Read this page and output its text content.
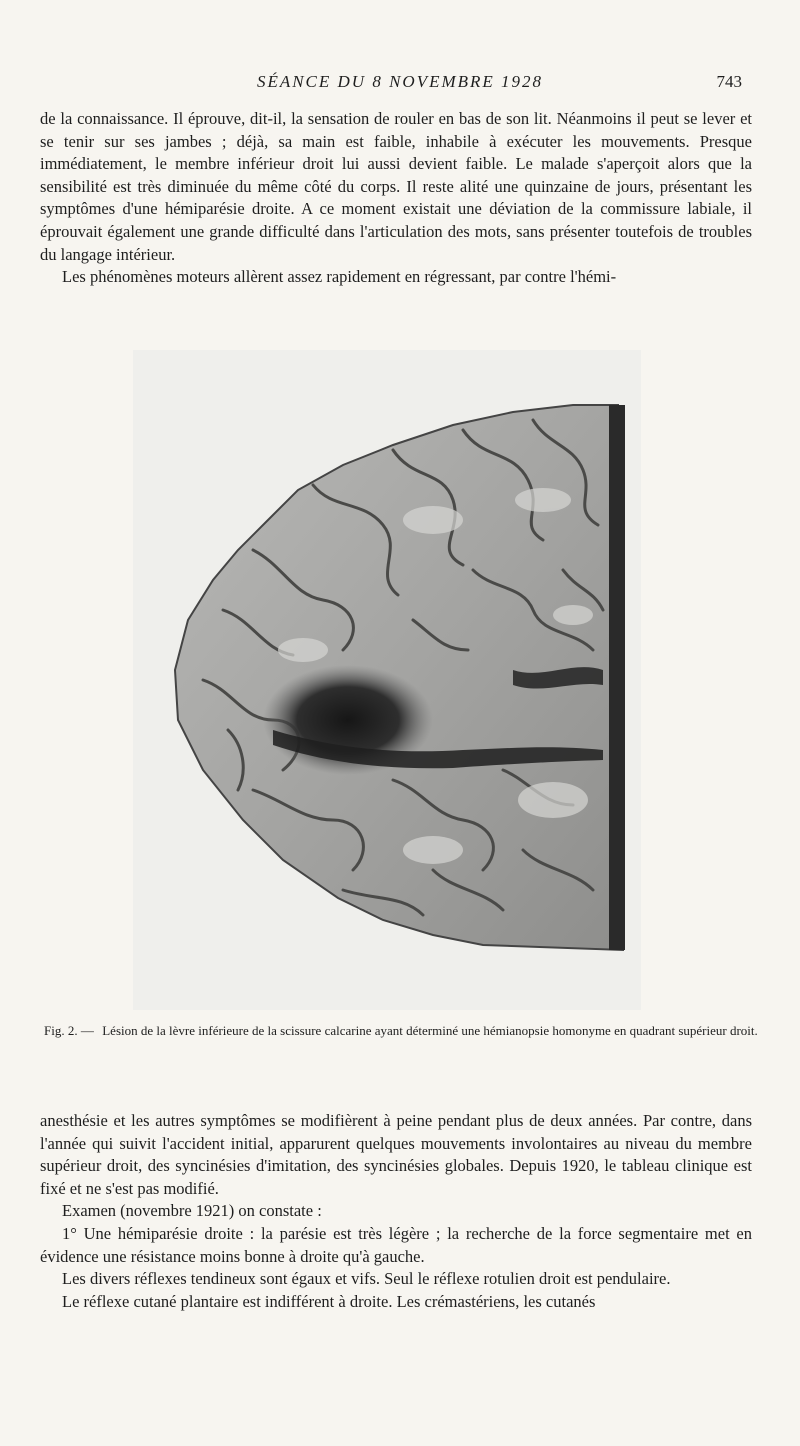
SÉANCE DU 8 NOVEMBRE 1928	743

de la connaissance. Il éprouve, dit-il, la sensation de rouler en bas de son lit. Néanmoins il peut se lever et se tenir sur ses jambes ; déjà, sa main est faible, inhabile à exécuter les mouvements. Presque immédiatement, le membre inférieur droit lui aussi devient faible. Le malade s'aperçoit alors que la sensibilité est très diminuée du même côté du corps. Il reste alité une quinzaine de jours, présentant les symptômes d'une hémiparésie droite. A ce moment existait une déviation de la commissure labiale, il éprouvait également une grande difficulté dans l'articulation des mots, sans présenter toutefois de troubles du langage intérieur.

Les phénomènes moteurs allèrent assez rapidement en régressant, par contre l'hémi-

Fig. 2. — Lésion de la lèvre inférieure de la scissure calcarine ayant déterminé une hémianopsie homonyme en quadrant supérieur droit.

anesthésie et les autres symptômes se modifièrent à peine pendant plus de deux années. Par contre, dans l'année qui suivit l'accident initial, apparurent quelques mouvements involontaires au niveau du membre supérieur droit, des syncinésies d'imitation, des syncinésies globales. Depuis 1920, le tableau clinique est fixé et ne s'est pas modifié.

Examen (novembre 1921) on constate :

1° Une hémiparésie droite : la parésie est très légère ; la recherche de la force segmentaire met en évidence une résistance moins bonne à droite qu'à gauche.

Les divers réflexes tendineux sont égaux et vifs. Seul le réflexe rotulien droit est pendulaire.

Le réflexe cutané plantaire est indifférent à droite. Les crémastériens, les cutanés
